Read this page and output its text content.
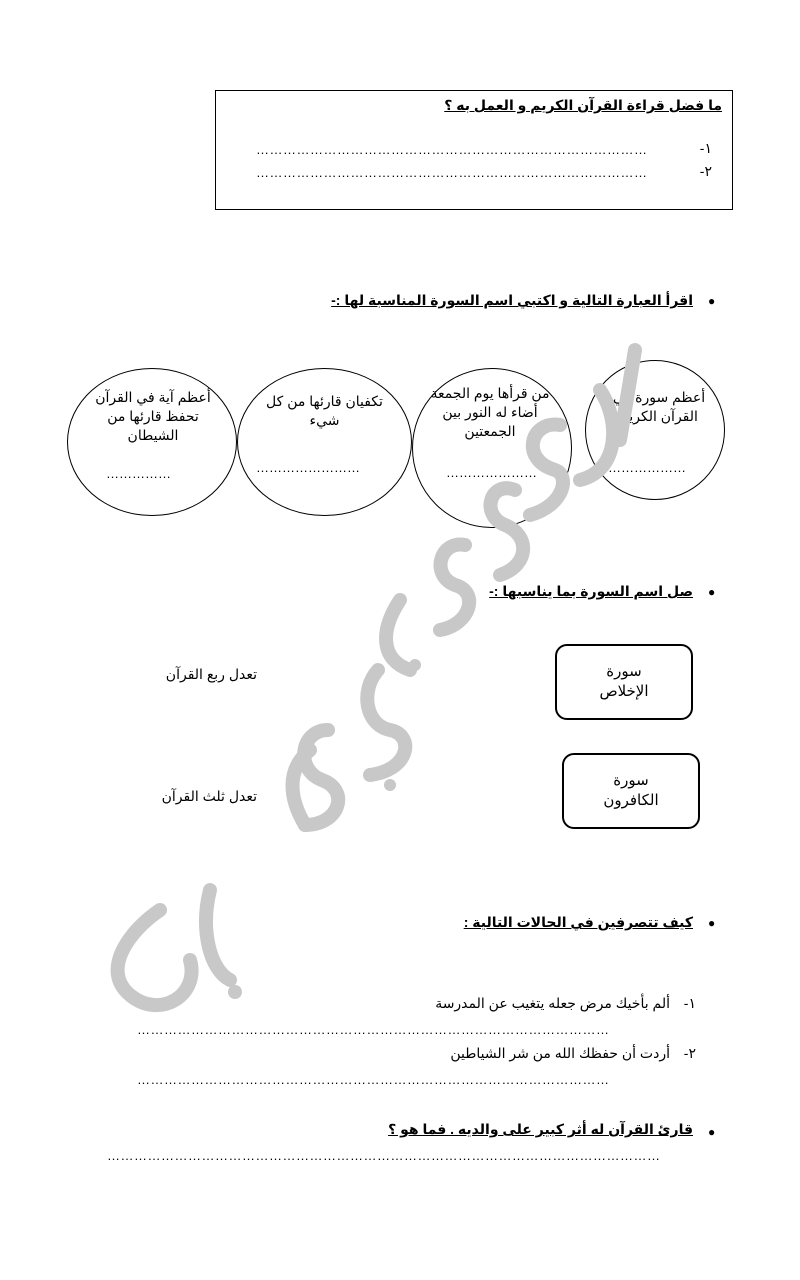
ما فضل قراءة القرآن الكريم و العمل به ؟
١-
……………………………………………………………………………
٢-
……………………………………………………………………………
●
اقرأ العبارة التالية و اكتبي اسم السورة المناسبة لها :-
أعظم سورة في القرآن الكريم
…………………
من قرأها يوم الجمعة أضاء له النور بين الجمعتين
…………………
تكفيان قارئها من كل شيء
……………………
أعظم آية في القرآن تحفظ قارئها من الشيطان
……………
●
صل اسم السورة بما يناسبها :-
سورة
الإخلاص
سورة
الكافرون
تعدل ربع القرآن
تعدل ثلث القرآن
●
كيف تتصرفين في الحالات التالية :
١-
ألم بأخيك مرض جعله يتغيب عن المدرسة
……………………………………………………………………………………………
٢-
أردت أن حفظك الله من شر الشياطين
……………………………………………………………………………………………
●
قارئ القرآن له أثر كبير على والديه . فما هو ؟
……………………………………………………………………………………………………………
